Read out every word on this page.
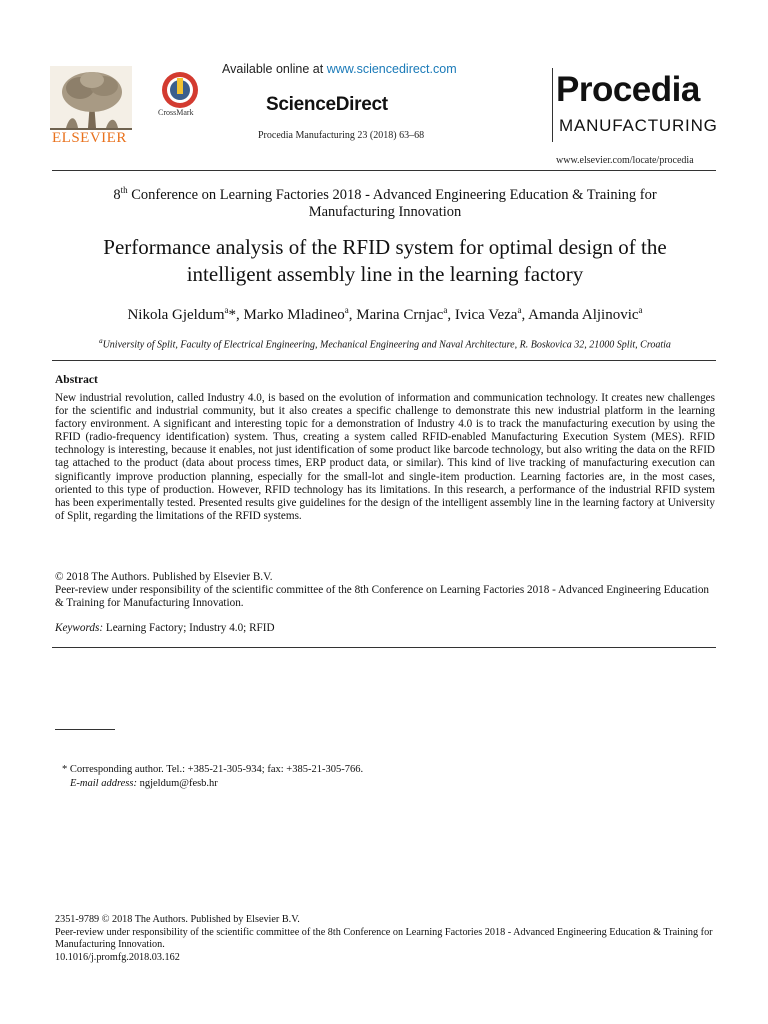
ELSEVIER
CrossMark
Available online at www.sciencedirect.com
ScienceDirect
Procedia Manufacturing 23 (2018) 63–68
Procedia
MANUFACTURING
www.elsevier.com/locate/procedia
8th Conference on Learning Factories 2018 - Advanced Engineering Education & Training for
Manufacturing Innovation
Performance analysis of the RFID system for optimal design of the
intelligent assembly line in the learning factory
Nikola Gjeldum$^a$*, Marko Mladineo$^a$, Marina Crnjac$^a$, Ivica Veza$^a$, Amanda Aljinovic$^a$
$^a$University of Split, Faculty of Electrical Engineering, Mechanical Engineering and Naval Architecture, R. Boskovica 32, 21000 Split, Croatia
Abstract
New industrial revolution, called Industry 4.0, is based on the evolution of information and communication technology. It creates new challenges for the scientific and industrial community, but it also creates a specific challenge to demonstrate this new industrial platform in the learning factory environment. A significant and interesting topic for a demonstration of Industry 4.0 is to track the manufacturing execution by using the RFID (radio-frequency identification) system. Thus, creating a system called RFID-enabled Manufacturing Execution System (MES). RFID technology is interesting, because it enables, not just identification of some product like barcode technology, but also writing the data on the RFID tag attached to the product (data about process times, ERP product data, or similar). This kind of live tracking of manufacturing execution can significantly improve production planning, especially for the small-lot and single-item production. Learning factories are, in the most cases, oriented to this type of production. However, RFID technology has its limitations. In this research, a performance of the industrial RFID system has been experimentally tested. Presented results give guidelines for the design of the intelligent assembly line in the learning factory at University of Split, regarding the limitations of the RFID systems.
© 2018 The Authors. Published by Elsevier B.V.
Peer-review under responsibility of the scientific committee of the 8th Conference on Learning Factories 2018 - Advanced Engineering Education & Training for Manufacturing Innovation.
Keywords: Learning Factory; Industry 4.0; RFID
* Corresponding author. Tel.: +385-21-305-934; fax: +385-21-305-766.
E-mail address: ngjeldum@fesb.hr
2351-9789 © 2018 The Authors. Published by Elsevier B.V.
Peer-review under responsibility of the scientific committee of the 8th Conference on Learning Factories 2018 - Advanced Engineering Education & Training for Manufacturing Innovation.
10.1016/j.promfg.2018.03.162
